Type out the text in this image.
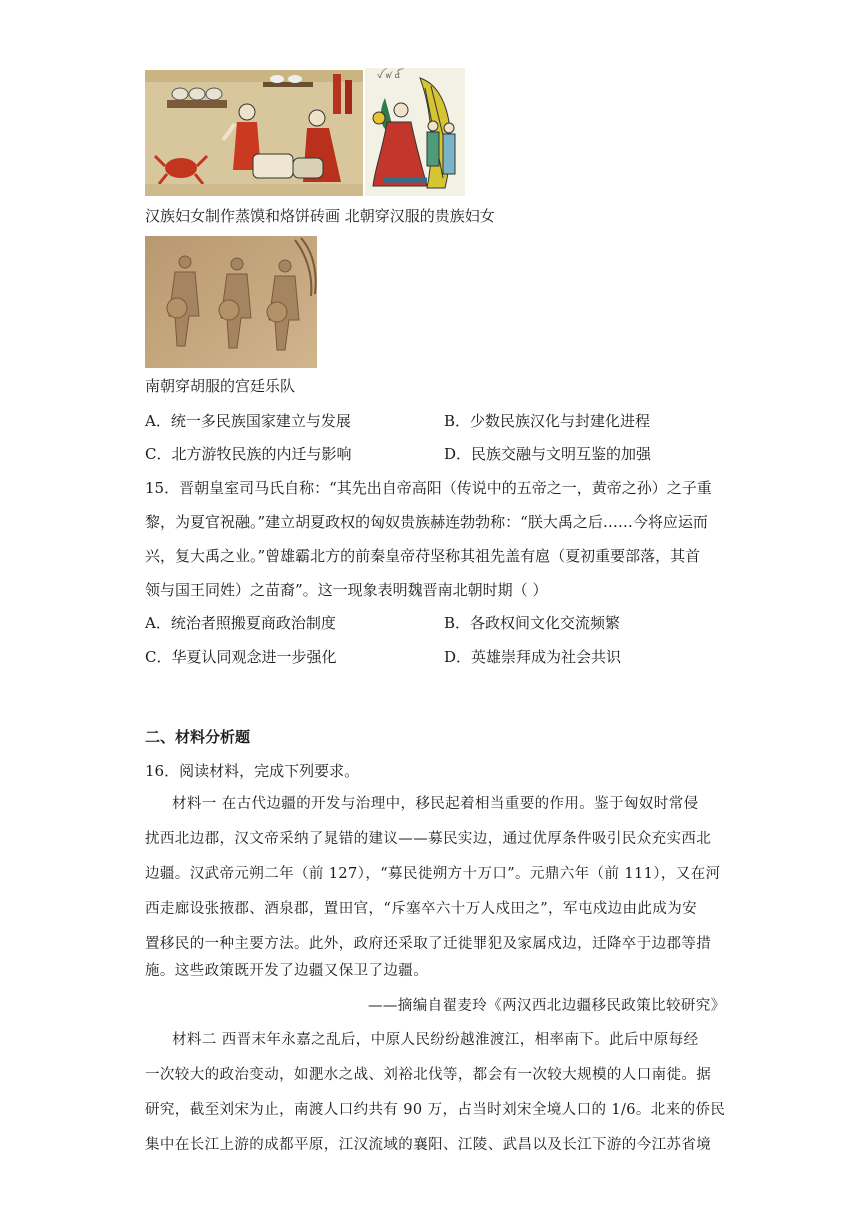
ꪜ ꪝ ꪞ
汉族妇女制作蒸馍和烙饼砖画 北朝穿汉服的贵族妇女
南朝穿胡服的宫廷乐队
A．统一多民族国家建立与发展	B．少数民族汉化与封建化进程
C．北方游牧民族的内迁与影响	D．民族交融与文明互鉴的加强
15．晋朝皇室司马氏自称：“其先出自帝高阳（传说中的五帝之一，黄帝之孙）之子重
黎，为夏官祝融。”建立胡夏政权的匈奴贵族赫连勃勃称：“朕大禹之后……今将应运而
兴，复大禹之业。”曾雄霸北方的前秦皇帝苻坚称其祖先盖有扈（夏初重要部落，其首
领与国王同姓）之苗裔”。这一现象表明魏晋南北朝时期（ ）
A．统治者照搬夏商政治制度	B．各政权间文化交流频繁
C．华夏认同观念进一步强化	D．英雄崇拜成为社会共识
二、材料分析题
16．阅读材料，完成下列要求。
材料一 在古代边疆的开发与治理中，移民起着相当重要的作用。鉴于匈奴时常侵
扰西北边郡，汉文帝采纳了晁错的建议——募民实边，通过优厚条件吸引民众充实西北
边疆。汉武帝元朔二年（前 127），“募民徙朔方十万口”。元鼎六年（前 111），又在河
西走廊设张掖郡、酒泉郡，置田官，“斥塞卒六十万人戍田之”，军屯戍边由此成为安
置移民的一种主要方法。此外，政府还采取了迁徙罪犯及家属戍边，迁降卒于边郡等措
施。这些政策既开发了边疆又保卫了边疆。
——摘编自翟麦玲《两汉西北边疆移民政策比较研究》
材料二 西晋末年永嘉之乱后，中原人民纷纷越淮渡江，相率南下。此后中原每经
一次较大的政治变动，如淝水之战、刘裕北伐等，都会有一次较大规模的人口南徙。据
研究，截至刘宋为止，南渡人口约共有 90 万，占当时刘宋全境人口的 1/6。北来的侨民
集中在长江上游的成都平原，江汉流域的襄阳、江陵、武昌以及长江下游的今江苏省境
